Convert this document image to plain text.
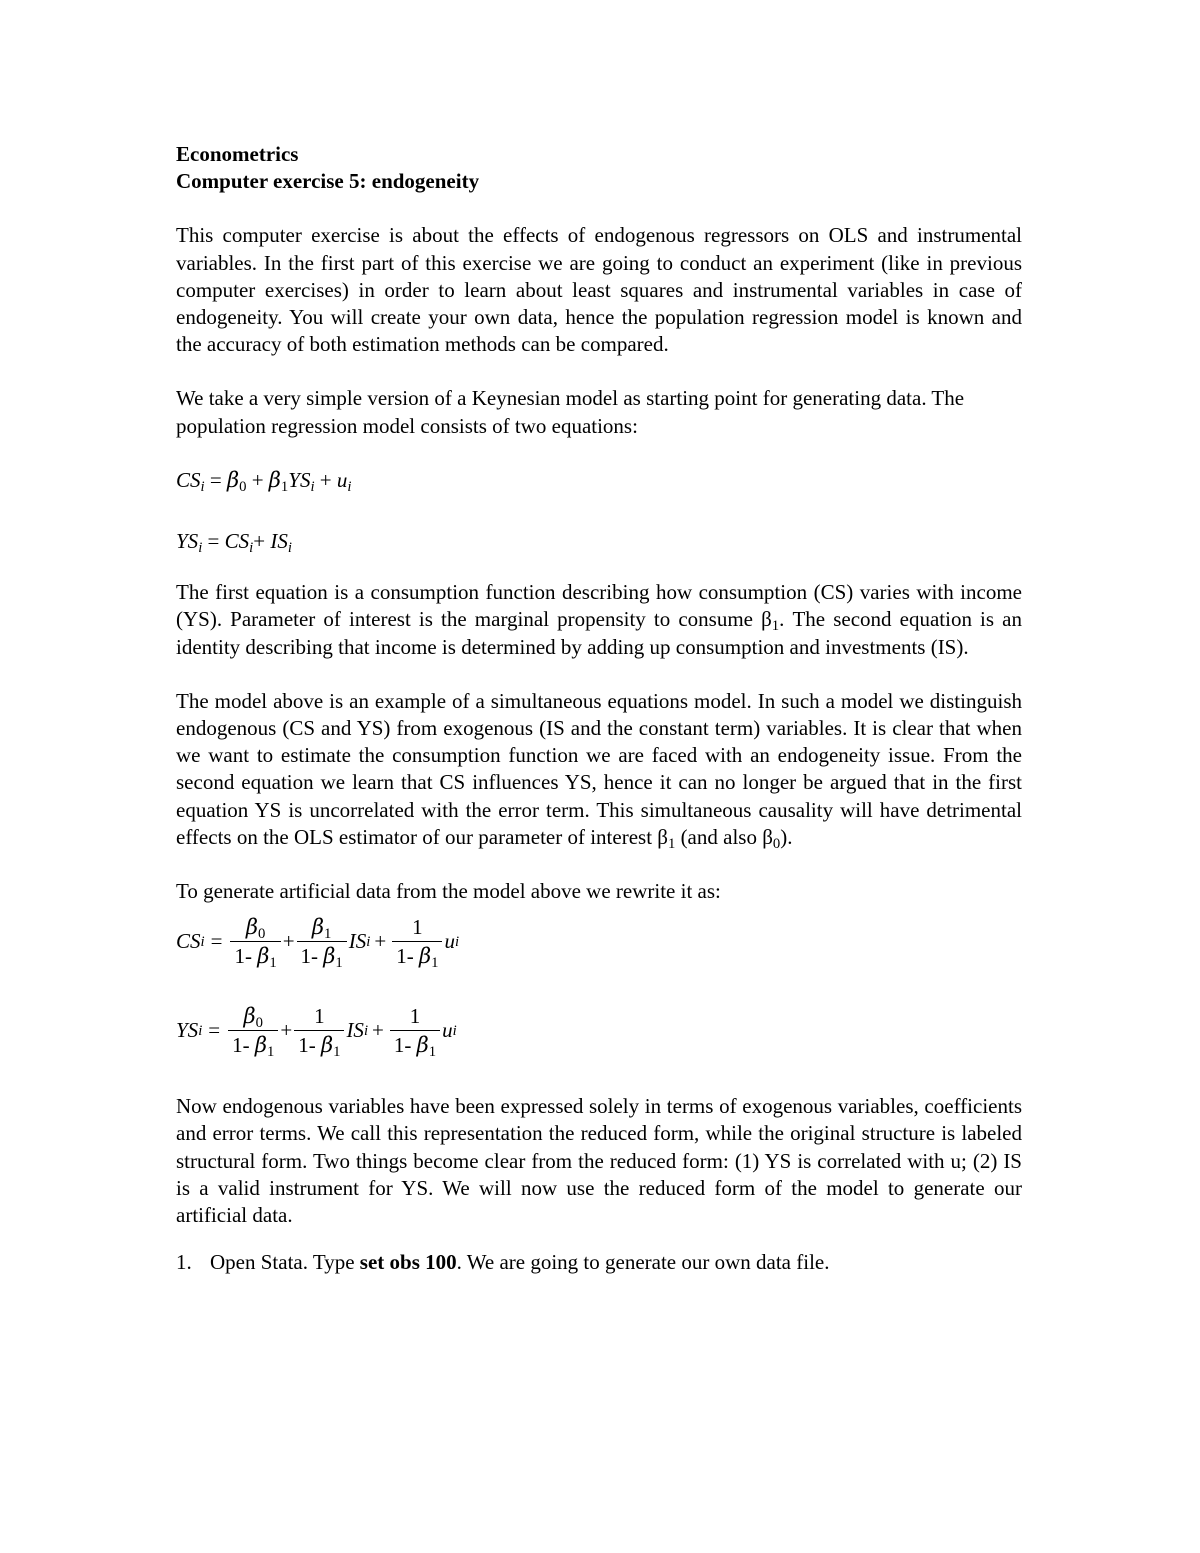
Econometrics

Computer exercise 5: endogeneity

This computer exercise is about the effects of endogenous regressors on OLS and instrumental variables. In the first part of this exercise we are going to conduct an experiment (like in previous computer exercises) in order to learn about least squares and instrumental variables in case of endogeneity. You will create your own data, hence the population regression model is known and the accuracy of both estimation methods can be compared.

We take a very simple version of a Keynesian model as starting point for generating data. The population regression model consists of two equations:

$CS_i = \beta_0 + \beta_1YS_i + u_i$

$YS_i = CS_i+ IS_i$

The first equation is a consumption function describing how consumption (CS) varies with income (YS). Parameter of interest is the marginal propensity to consume $\beta_1$. The second equation is an identity describing that income is determined by adding up consumption and investments (IS).

The model above is an example of a simultaneous equations model. In such a model we distinguish endogenous (CS and YS) from exogenous (IS and the constant term) variables. It is clear that when we want to estimate the consumption function we are faced with an endogeneity issue. From the second equation we learn that CS influences YS, hence it can no longer be argued that in the first equation YS is uncorrelated with the error term. This simultaneous causality will have detrimental effects on the OLS estimator of our parameter of interest $\beta_1$ (and also $\beta_0$).

To generate artificial data from the model above we rewrite it as:

CS $i = \frac{\beta_0}{1- \beta_1} + \frac{\beta_1}{1- \beta_1}$ IS $i + \frac{1}{1- \beta_1}$ u i
YS $i = \frac{\beta_0}{1- \beta_1} + \frac{1}{1- \beta_1}$ IS $i + \frac{1}{1- \beta_1}$ u i

Now endogenous variables have been expressed solely in terms of exogenous variables, coefficients and error terms. We call this representation the reduced form, while the original structure is labeled structural form. Two things become clear from the reduced form: (1) YS is correlated with u; (2) IS is a valid instrument for YS. We will now use the reduced form of the model to generate our artificial data.

1. Open Stata. Type set obs 100. We are going to generate our own data file.
